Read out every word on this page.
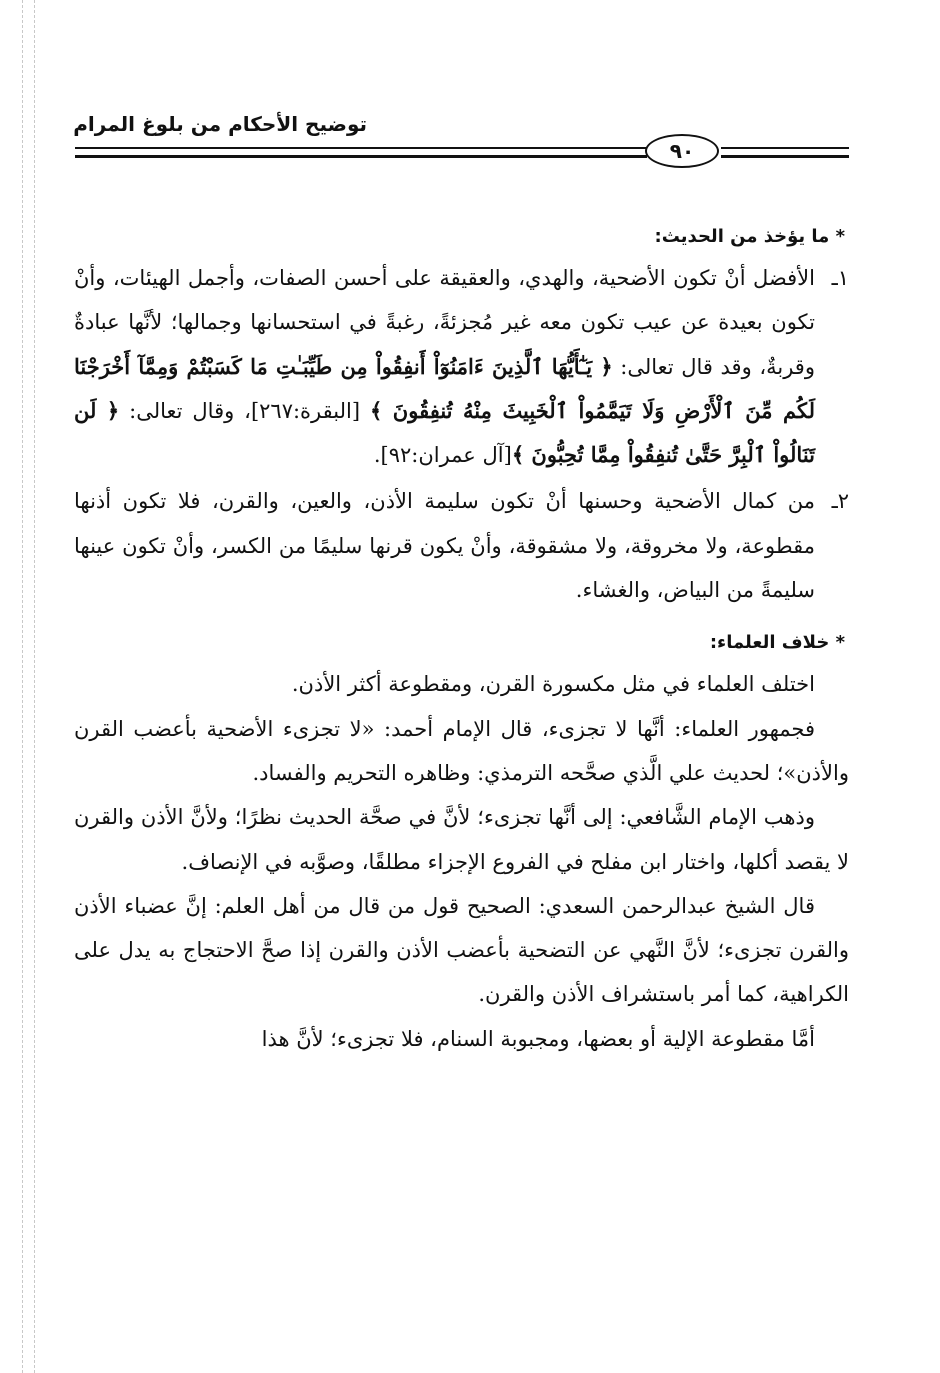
توضيح الأحكام من بلوغ المرام
٩٠
* ما يؤخذ من الحديث:
١ـ
الأفضل أنْ تكون الأضحية، والهدي، والعقيقة على أحسن الصفات، وأجمل الهيئات، وأنْ تكون بعيدة عن عيب تكون معه غير مُجزئةً، رغبةً في استحسانها وجمالها؛ لأنَّها عبادةٌ وقربةٌ، وقد قال تعالى: ﴿ يَـٰٓأَيُّهَا ٱلَّذِينَ ءَامَنُوٓاْ أَنفِقُواْ مِن طَيِّبَـٰتِ مَا كَسَبْتُمْ وَمِمَّآ أَخْرَجْنَا لَكُم مِّنَ ٱلْأَرْضِ وَلَا تَيَمَّمُواْ ٱلْخَبِيثَ مِنْهُ تُنفِقُونَ ﴾ [البقرة:٢٦٧]، وقال تعالى: ﴿ لَن تَنَالُواْ ٱلْبِرَّ حَتَّىٰ تُنفِقُواْ مِمَّا تُحِبُّونَ ﴾[آل عمران:٩٢].
٢ـ
من كمال الأضحية وحسنها أنْ تكون سليمة الأذن، والعين، والقرن، فلا تكون أذنها مقطوعة، ولا مخروقة، ولا مشقوقة، وأنْ يكون قرنها سليمًا من الكسر، وأنْ تكون عينها سليمةً من البياض، والغشاء.
* خلاف العلماء:
اختلف العلماء في مثل مكسورة القرن، ومقطوعة أكثر الأذن.
فجمهور العلماء: أنَّها لا تجزىء، قال الإمام أحمد: «لا تجزىء الأضحية بأعضب القرن والأذن»؛ لحديث علي الَّذي صحَّحه الترمذي: وظاهره التحريم والفساد.
وذهب الإمام الشَّافعي: إلى أنَّها تجزىء؛ لأنَّ في صحَّة الحديث نظرًا؛ ولأنَّ الأذن والقرن لا يقصد أكلها، واختار ابن مفلح في الفروع الإجزاء مطلقًا، وصوَّبه في الإنصاف.
قال الشيخ عبدالرحمن السعدي: الصحيح قول من قال من أهل العلم: إنَّ عضباء الأذن والقرن تجزىء؛ لأنَّ النَّهي عن التضحية بأعضب الأذن والقرن إذا صحَّ الاحتجاج به يدل على الكراهية، كما أمر باستشراف الأذن والقرن.
أمَّا مقطوعة الإلية أو بعضها، ومجبوبة السنام، فلا تجزىء؛ لأنَّ هذا
